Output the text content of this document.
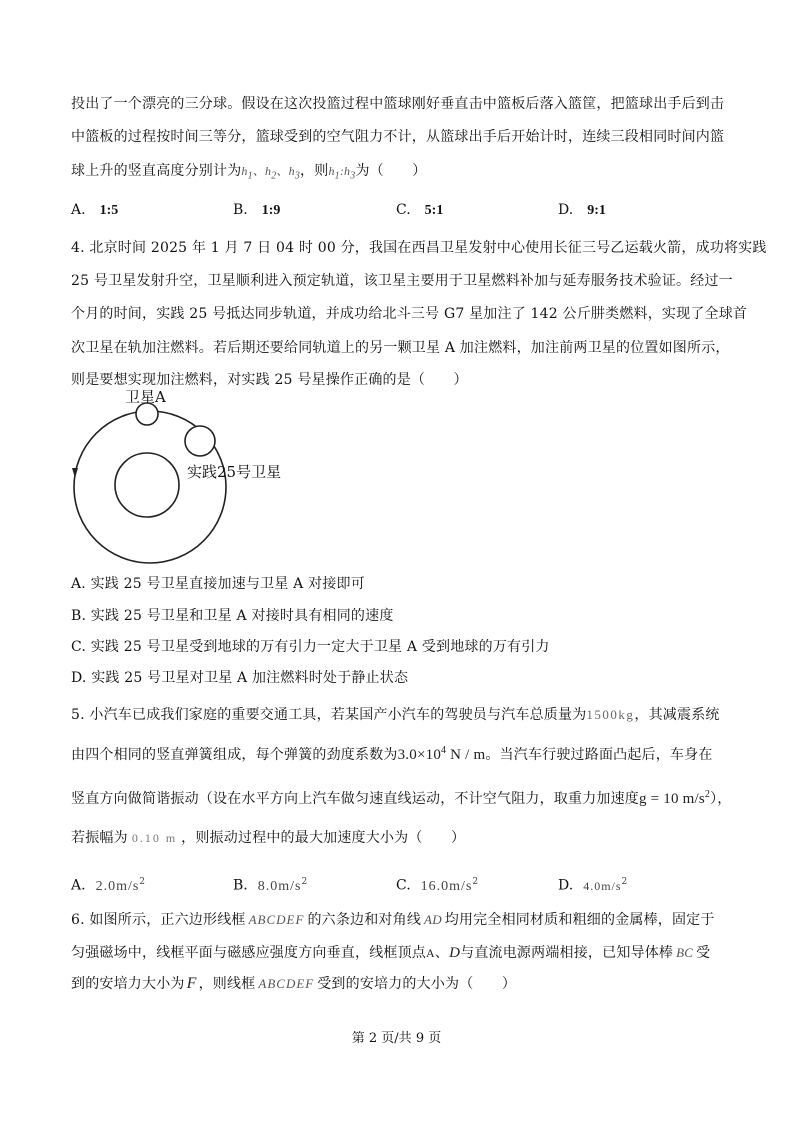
投出了一个漂亮的三分球。假设在这次投篮过程中篮球刚好垂直击中篮板后落入篮筐，把篮球出手后到击
中篮板的过程按时间三等分，篮球受到的空气阻力不计，从篮球出手后开始计时，连续三段相同时间内篮
球上升的竖直高度分别计为$h_1$、$h_2$、$h_3$，则$h_1:h_3$为（　　）
A. 1:5	B. 1:9	C. 5:1	D. 9:1
4. 北京时间 2025 年 1 月 7 日 04 时 00 分，我国在西昌卫星发射中心使用长征三号乙运载火箭，成功将实践
25 号卫星发射升空，卫星顺利进入预定轨道，该卫星主要用于卫星燃料补加与延寿服务技术验证。经过一
个月的时间，实践 25 号抵达同步轨道，并成功给北斗三号 G7 星加注了 142 公斤肼类燃料，实现了全球首
次卫星在轨加注燃料。若后期还要给同轨道上的另一颗卫星 A 加注燃料，加注前两卫星的位置如图所示，
则是要想实现加注燃料，对实践 25 号星操作正确的是（　　）
卫星A
实践25号卫星
A. 实践 25 号卫星直接加速与卫星 A 对接即可
B. 实践 25 号卫星和卫星 A 对接时具有相同的速度
C. 实践 25 号卫星受到地球的万有引力一定大于卫星 A 受到地球的万有引力
D. 实践 25 号卫星对卫星 A 加注燃料时处于静止状态
5. 小汽车已成我们家庭的重要交通工具，若某国产小汽车的驾驶员与汽车总质量为1500kg，其减震系统
由四个相同的竖直弹簧组成，每个弹簧的劲度系数为$3.0\times 10^4$ N / m。当汽车行驶过路面凸起后，车身在
竖直方向做简谐振动（设在水平方向上汽车做匀速直线运动，不计空气阻力，取重力加速度g = 10 $m/s^2$），
若振幅为 0.10 m ，则振动过程中的最大加速度大小为（　　）
A. $2.0m/s^2$	B. $8.0m/s^2$	C. $16.0m/s^2$	D. $4.0m/s^2$
6. 如图所示，正六边形线框 ABCDEF 的六条边和对角线 AD 均用完全相同材质和粗细的金属棒，固定于
匀强磁场中，线框平面与磁感应强度方向垂直，线框顶点A、D与直流电源两端相接，已知导体棒 BC 受
到的安培力大小为 F ，则线框 ABCDEF 受到的安培力的大小为（　　）
第 2 页/共 9 页
